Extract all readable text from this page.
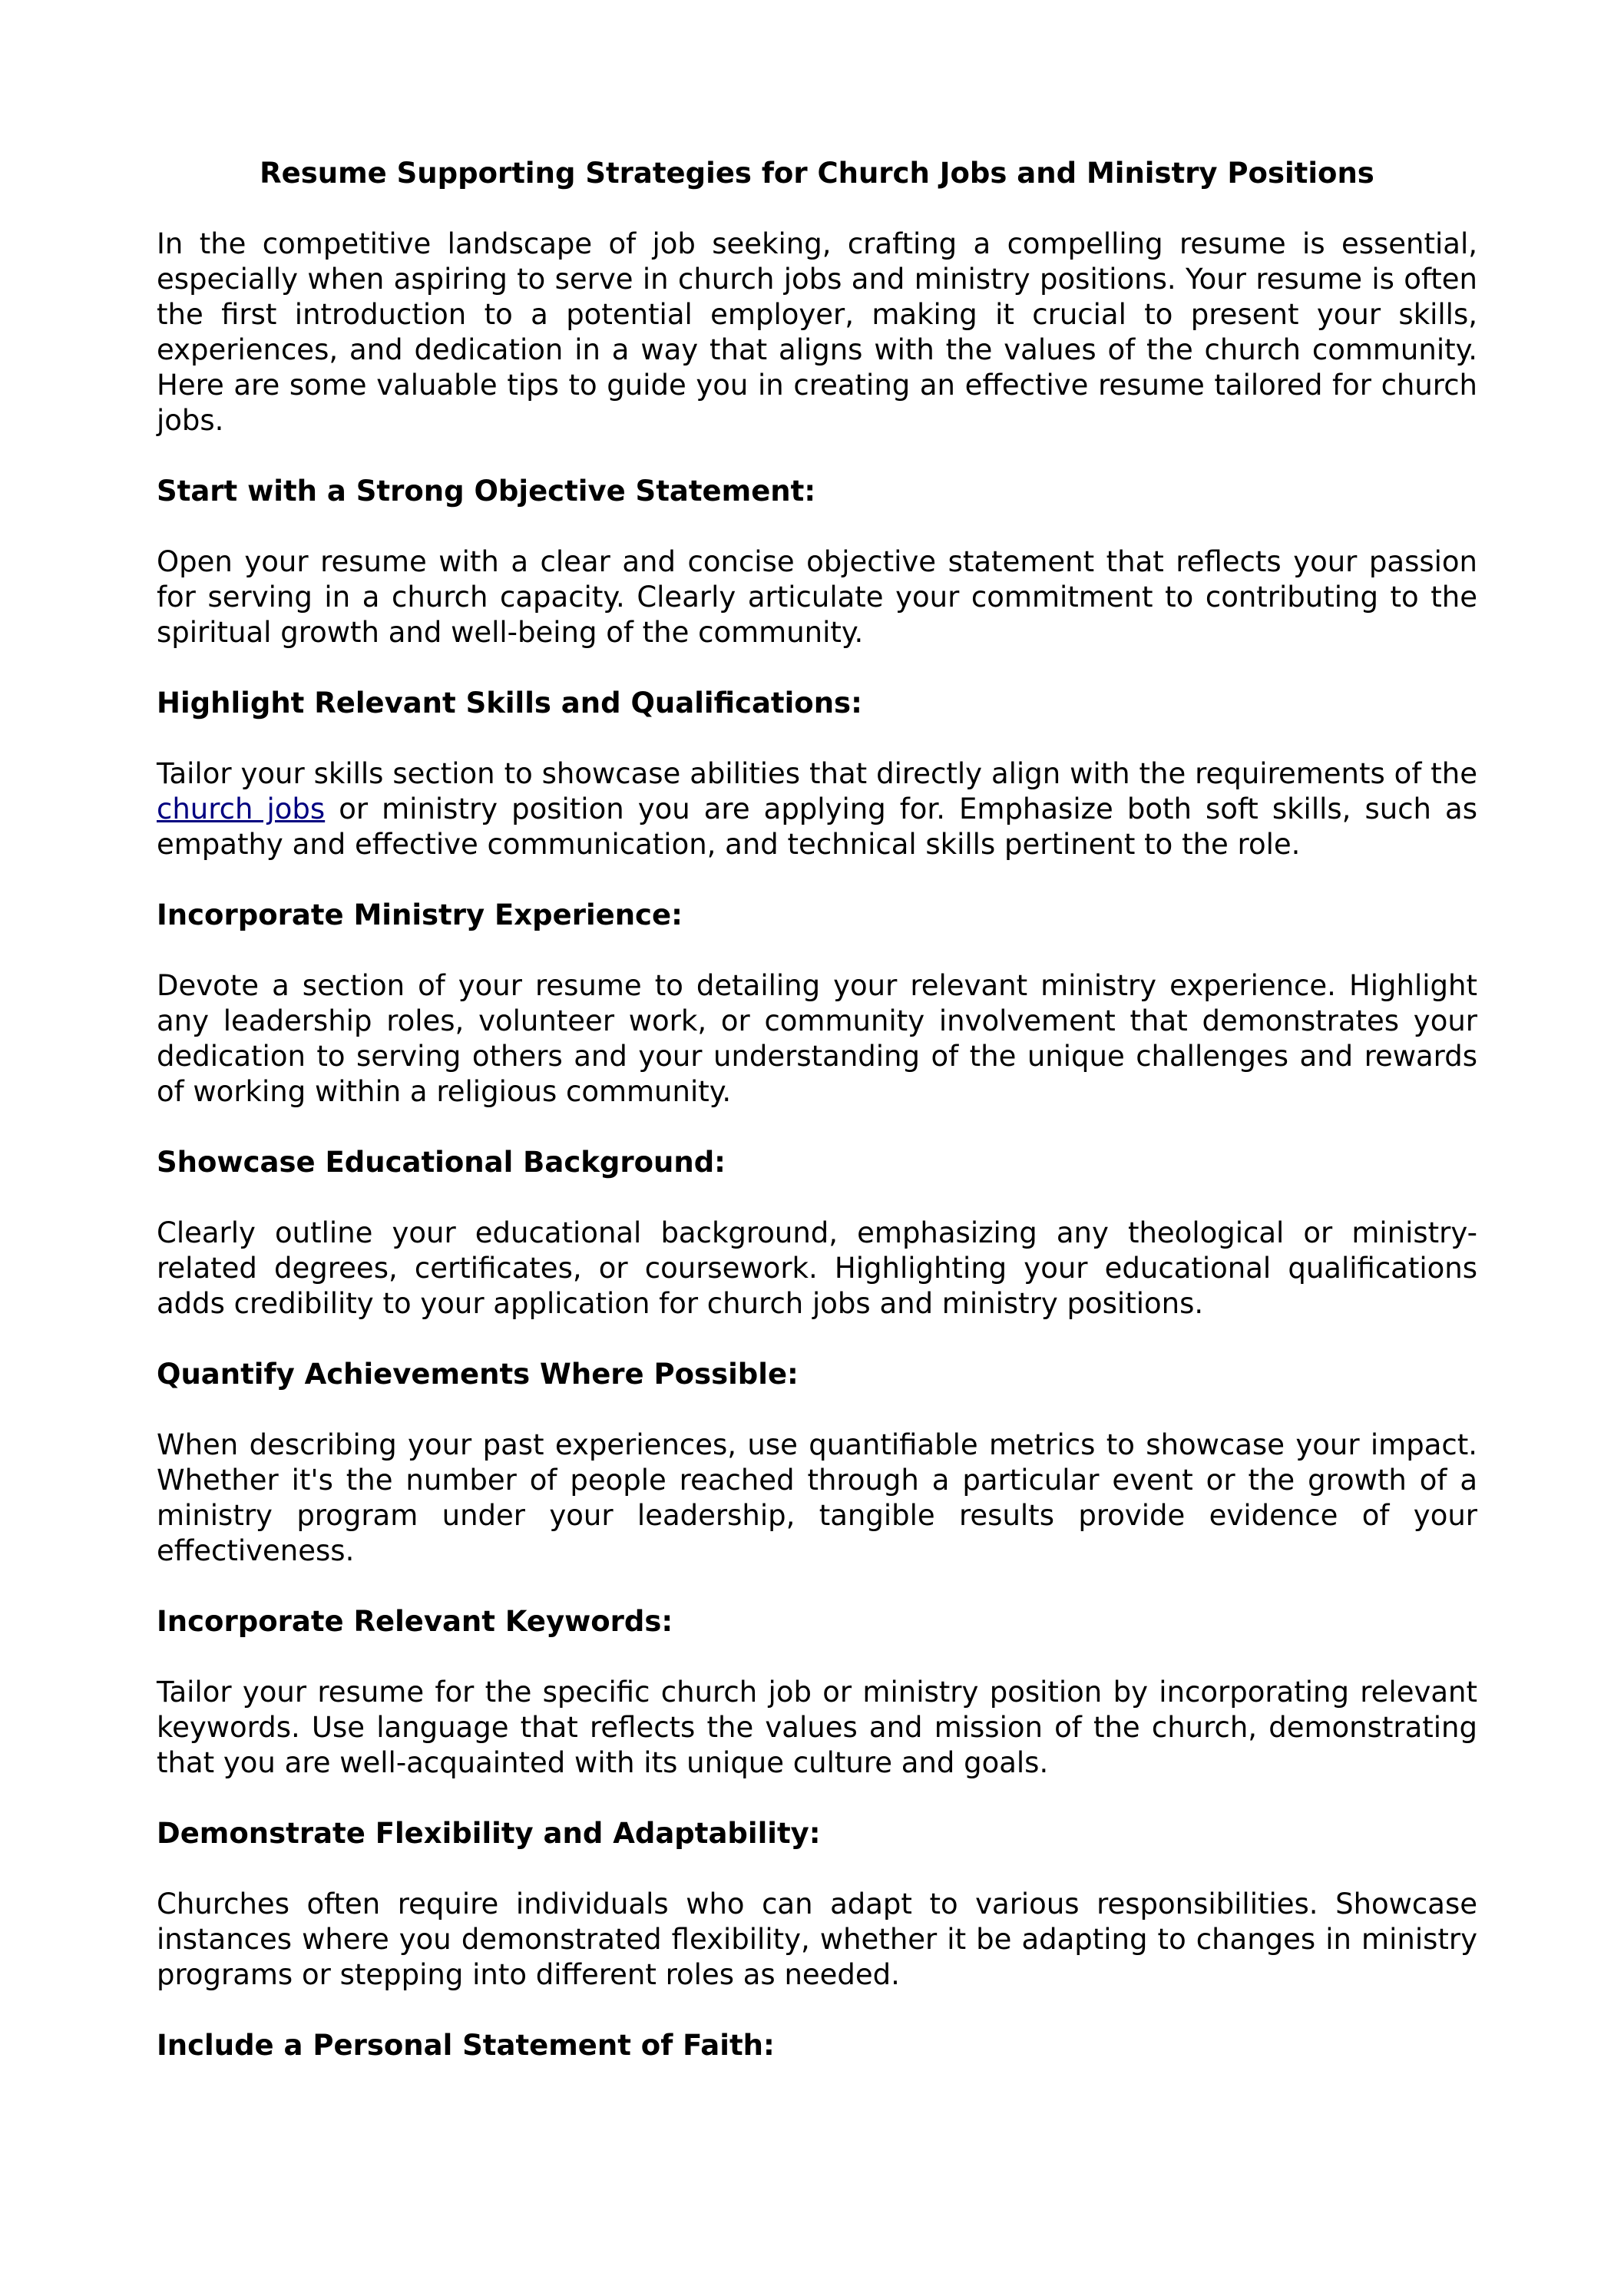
Resume Supporting Strategies for Church Jobs and Ministry Positions
In the competitive landscape of job seeking, crafting a compelling resume is essential, especially when aspiring to serve in church jobs and ministry positions. Your resume is often the first introduction to a potential employer, making it crucial to present your skills, experiences, and dedication in a way that aligns with the values of the church community. Here are some valuable tips to guide you in creating an effective resume tailored for church jobs.
Start with a Strong Objective Statement:
Open your resume with a clear and concise objective statement that reflects your passion for serving in a church capacity. Clearly articulate your commitment to contributing to the spiritual growth and well-being of the community.
Highlight Relevant Skills and Qualifications:
Tailor your skills section to showcase abilities that directly align with the requirements of the church jobs or ministry position you are applying for. Emphasize both soft skills, such as empathy and effective communication, and technical skills pertinent to the role.
Incorporate Ministry Experience:
Devote a section of your resume to detailing your relevant ministry experience. Highlight any leadership roles, volunteer work, or community involvement that demonstrates your dedication to serving others and your understanding of the unique challenges and rewards of working within a religious community.
Showcase Educational Background:
Clearly outline your educational background, emphasizing any theological or ministry-related degrees, certificates, or coursework. Highlighting your educational qualifications adds credibility to your application for church jobs and ministry positions.
Quantify Achievements Where Possible:
When describing your past experiences, use quantifiable metrics to showcase your impact. Whether it's the number of people reached through a particular event or the growth of a ministry program under your leadership, tangible results provide evidence of your effectiveness.
Incorporate Relevant Keywords:
Tailor your resume for the specific church job or ministry position by incorporating relevant keywords. Use language that reflects the values and mission of the church, demonstrating that you are well-acquainted with its unique culture and goals.
Demonstrate Flexibility and Adaptability:
Churches often require individuals who can adapt to various responsibilities. Showcase instances where you demonstrated flexibility, whether it be adapting to changes in ministry programs or stepping into different roles as needed.
Include a Personal Statement of Faith:
